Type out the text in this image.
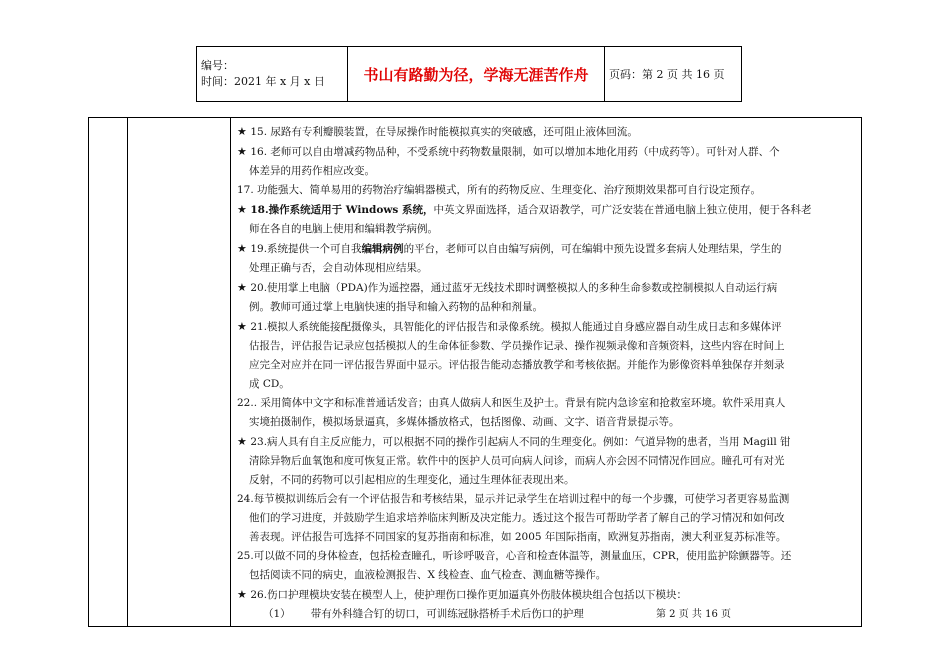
编号：
时间：2021 年 x 月 x 日	书山有路勤为径，学海无涯苦作舟	页码：第 2 页 共 16 页

★ 15. 尿路有专利瓣膜装置，在导尿操作时能模拟真实的突破感，还可阻止液体回流。
★ 16. 老师可以自由增减药物品种，不受系统中药物数量限制，如可以增加本地化用药（中成药等）。可针对人群、个
体差异的用药作相应改变。
17. 功能强大、简单易用的药物治疗编辑器模式，所有的药物反应、生理变化、治疗预期效果都可自行设定预存。
★ 18.操作系统适用于 Windows 系统，中英文界面选择，适合双语教学，可广泛安装在普通电脑上独立使用，便于各科老
师在各自的电脑上使用和编辑教学病例。
★ 19.系统提供一个可自我编辑病例的平台，老师可以自由编写病例，可在编辑中预先设置多套病人处理结果，学生的
处理正确与否，会自动体现相应结果。
★ 20.使用掌上电脑（PDA)作为遥控器，通过蓝牙无线技术即时调整模拟人的多种生命参数或控制模拟人自动运行病
例。教师可通过掌上电脑快速的指导和输入药物的品种和剂量。
★ 21.模拟人系统能接配摄像头，具智能化的评估报告和录像系统。模拟人能通过自身感应器自动生成日志和多媒体评
估报告，评估报告记录应包括模拟人的生命体征参数、学员操作记录、操作视频录像和音频资料，这些内容在时间上
应完全对应并在同一评估报告界面中显示。评估报告能动态播放教学和考核依据。并能作为影像资料单独保存并刻录
成 CD。
22.. 采用简体中文字和标准普通话发音；由真人做病人和医生及护士。背景有院内急诊室和抢救室环境。软件采用真人
实境拍摄制作，模拟场景逼真，多媒体播放格式，包括图像、动画、文字、语音背景提示等。
★ 23.病人具有自主反应能力，可以根据不同的操作引起病人不同的生理变化。例如：气道异物的患者，当用 Magill 钳
清除异物后血氧饱和度可恢复正常。软件中的医护人员可向病人问诊，而病人亦会因不同情况作回应。瞳孔可有对光
反射，不同的药物可以引起相应的生理变化，通过生理体征表现出来。
24.每节模拟训练后会有一个评估报告和考核结果，显示并记录学生在培训过程中的每一个步骤，可使学习者更容易监测
他们的学习进度，并鼓励学生追求培养临床判断及决定能力。透过这个报告可帮助学者了解自己的学习情况和如何改
善表现。评估报告可选择不同国家的复苏指南和标准，如 2005 年国际指南，欧洲复苏指南，澳大利亚复苏标准等。
25.可以做不同的身体检查，包括检查瞳孔，听诊呼吸音，心音和检查体温等，测量血压，CPR，使用监护除颤器等。还
包括阅读不同的病史，血液检测报告、X 线检查、血气检查、测血糖等操作。
★ 26.伤口护理模块安装在模型人上，使护理伤口操作更加逼真外伤肢体模块组合包括以下模块：
（1） 带有外科缝合钉的切口，可训练冠脉搭桥手术后伤口的护理	第 2 页 共 16 页
